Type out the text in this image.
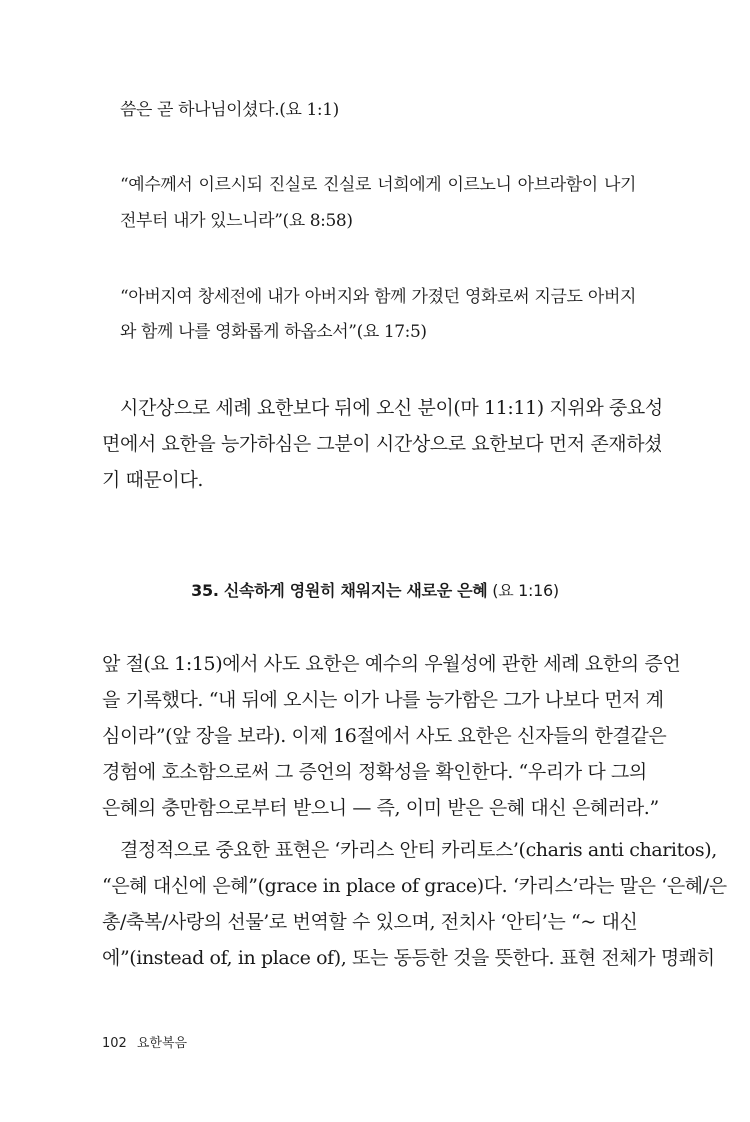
씀은 곧 하나님이셨다.(요 1:1)
“예수께서 이르시되 진실로 진실로 너희에게 이르노니 아브라함이 나기
전부터 내가 있느니라”(요 8:58)
“아버지여 창세전에 내가 아버지와 함께 가졌던 영화로써 지금도 아버지
와 함께 나를 영화롭게 하옵소서”(요 17:5)
시간상으로 세례 요한보다 뒤에 오신 분이(마 11:11) 지위와 중요성
면에서 요한을 능가하심은 그분이 시간상으로 요한보다 먼저 존재하셨
기 때문이다.
35. 신속하게 영원히 채워지는 새로운 은혜 (요 1:16)
앞 절(요 1:15)에서 사도 요한은 예수의 우월성에 관한 세례 요한의 증언
을 기록했다. “내 뒤에 오시는 이가 나를 능가함은 그가 나보다 먼저 계
심이라”(앞 장을 보라). 이제 16절에서 사도 요한은 신자들의 한결같은
경험에 호소함으로써 그 증언의 정확성을 확인한다. “우리가 다 그의
은혜의 충만함으로부터 받으니 — 즉, 이미 받은 은혜 대신 은혜러라.”
결정적으로 중요한 표현은 ‘카리스 안티 카리토스’(charis anti charitos),
“은혜 대신에 은혜”(grace in place of grace)다. ‘카리스’라는 말은 ‘은혜/은
총/축복/사랑의 선물’로 번역할 수 있으며, 전치사 ‘안티’는 “~ 대신
에”(instead of, in place of), 또는 동등한 것을 뜻한다. 표현 전체가 명쾌히
102 요한복음
